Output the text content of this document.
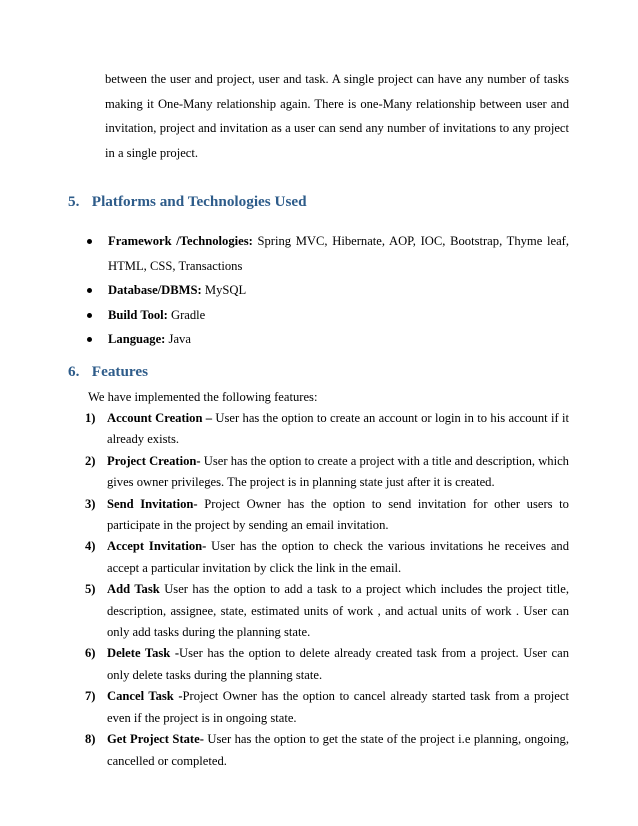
between the user and project, user and task. A single project can have any number of tasks making it One-Many relationship again. There is one-Many relationship between user and invitation, project and invitation as a user can send any number of invitations to any project in a single project.

5. Platforms and Technologies Used
Framework /Technologies: Spring MVC, Hibernate, AOP, IOC, Bootstrap, Thyme leaf, HTML, CSS, Transactions
Database/DBMS: MySQL
Build Tool: Gradle
Language: Java
6. Features

We have implemented the following features:

1) Account Creation – User has the option to create an account or login in to his account if it already exists.
2) Project Creation- User has the option to create a project with a title and description, which gives owner privileges. The project is in planning state just after it is created.
3) Send Invitation- Project Owner has the option to send invitation for other users to participate in the project by sending an email invitation.
4) Accept Invitation- User has the option to check the various invitations he receives and accept a particular invitation by click the link in the email.
5) Add Task User has the option to add a task to a project which includes the project title, description, assignee, state, estimated units of work , and actual units of work . User can only add tasks during the planning state.
6) Delete Task -User has the option to delete already created task from a project. User can only delete tasks during the planning state.
7) Cancel Task -Project Owner has the option to cancel already started task from a project even if the project is in ongoing state.
8) Get Project State- User has the option to get the state of the project i.e planning, ongoing, cancelled or completed.
